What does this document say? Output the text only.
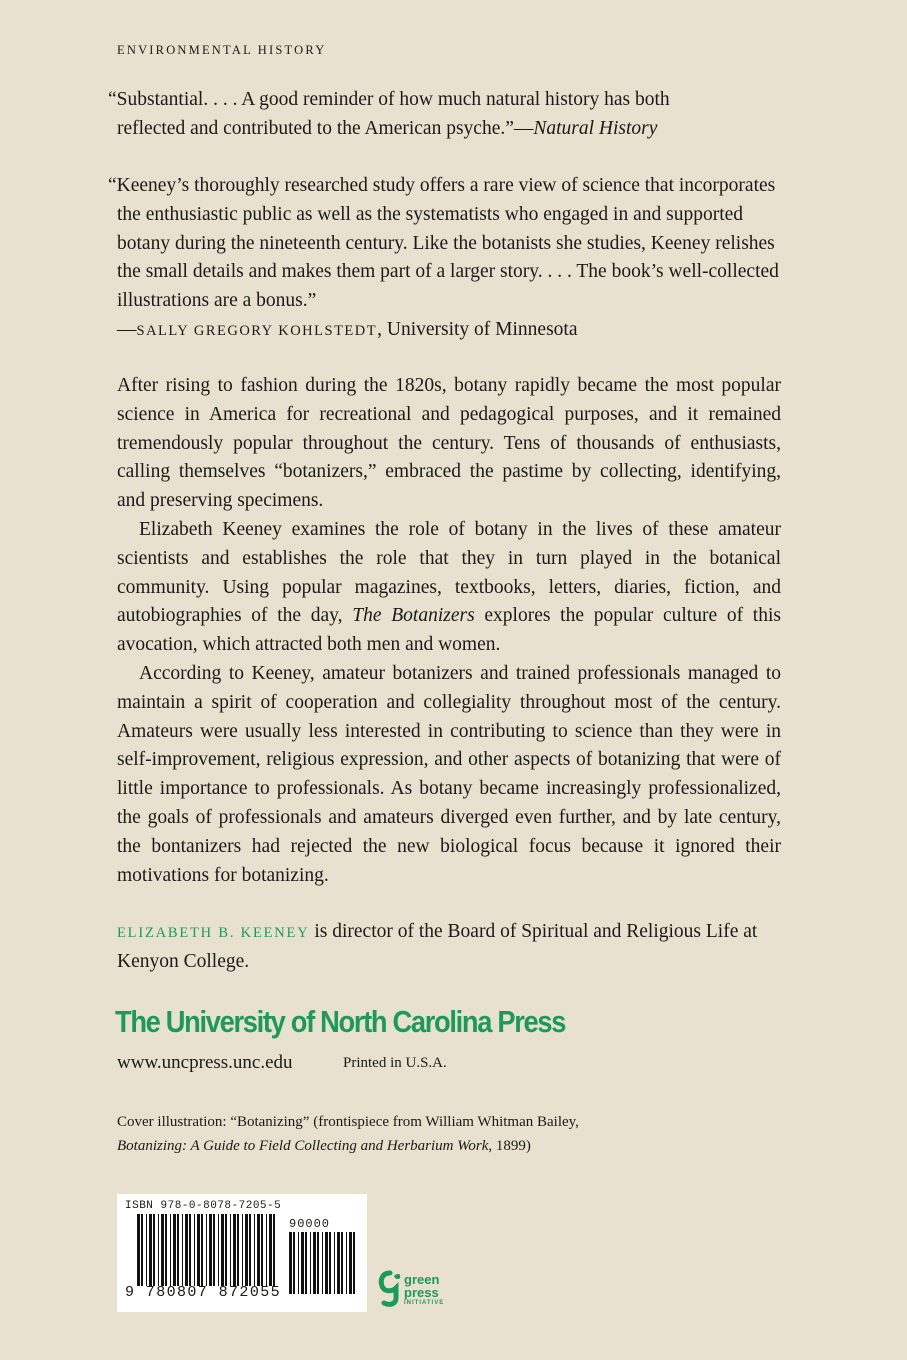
ENVIRONMENTAL HISTORY

“Substantial. . . . A good reminder of how much natural history has both
reflected and contributed to the American psyche.”—Natural History

“Keeney’s thoroughly researched study offers a rare view of science that incorporates the enthusiastic public as well as the systematists who engaged in and supported botany during the nineteenth century. Like the botanists she studies, Keeney relishes the small details and makes them part of a larger story. . . . The book’s well-collected illustrations are a bonus.”

—SALLY GREGORY KOHLSTEDT, University of Minnesota

After rising to fashion during the 1820s, botany rapidly became the most popular science in America for recreational and pedagogical purposes, and it remained tremendously popular throughout the century. Tens of thousands of enthusiasts, calling themselves “botanizers,” embraced the pastime by collecting, identifying, and preserving specimens.

Elizabeth Keeney examines the role of botany in the lives of these amateur scientists and establishes the role that they in turn played in the botanical community. Using popular magazines, textbooks, letters, diaries, fiction, and autobiographies of the day, The Botanizers explores the popular culture of this avocation, which attracted both men and women.

According to Keeney, amateur botanizers and trained professionals managed to maintain a spirit of cooperation and collegiality throughout most of the century. Amateurs were usually less interested in contributing to science than they were in self-improvement, religious expression, and other aspects of botanizing that were of little importance to professionals. As botany became increasingly professionalized, the goals of professionals and amateurs diverged even further, and by late century, the bontanizers had rejected the new biological focus because it ignored their motivations for botanizing.

ELIZABETH B. KEENEY is director of the Board of Spiritual and Religious Life at Kenyon College.
The University of North Carolina Press
www.uncpress.unc.edu	Printed in U.S.A.

Cover illustration: “Botanizing” (frontispiece from William Whitman Bailey,

Botanizing: A Guide to Field Collecting and Herbarium Work, 1899)

ISBN 978-0-8078-7205-5
90000
9 780807 872055
green
press
INITIATIVE
